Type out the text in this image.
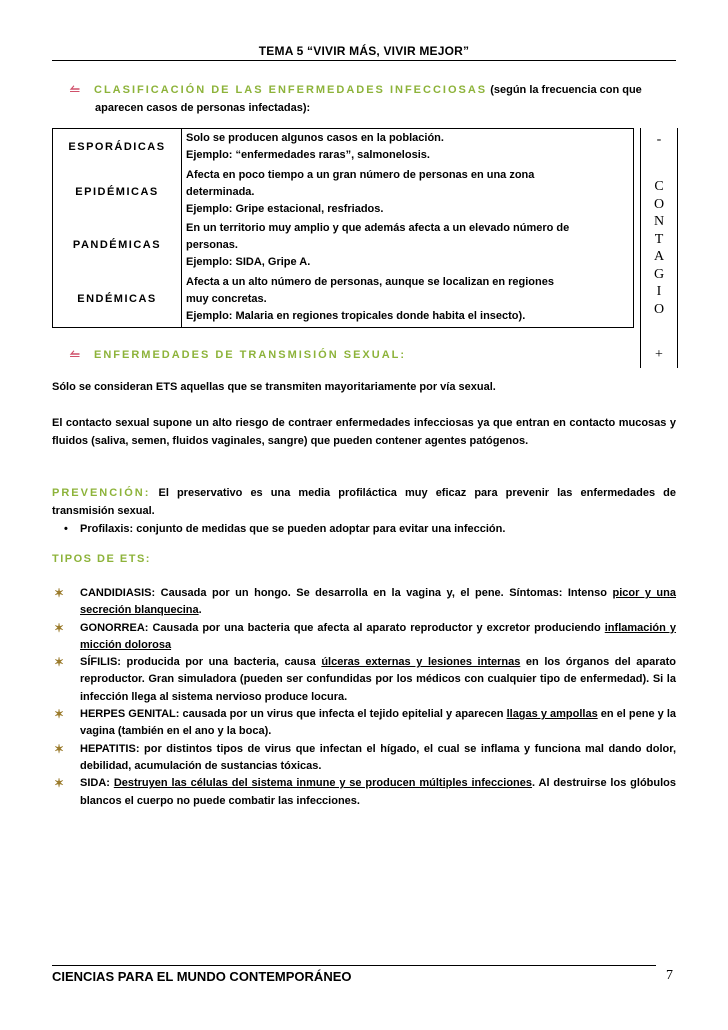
TEMA 5 “VIVIR MÁS, VIVIR MEJOR”
⥪ CLASIFICACIÓN DE LAS ENFERMEDADES INFECCIOSAS (según la frecuencia con que
aparecen casos de personas infectadas):
ESPORÁDICAS	Solo se producen algunos casos en la población.
Ejemplo: “enfermedades raras”, salmonelosis.

EPIDÉMICAS	Afecta en poco tiempo a un gran número de personas en una zona
determinada.
Ejemplo: Gripe estacional, resfriados.

PANDÉMICAS	En un territorio muy amplio y que además afecta a un elevado número de
personas.
Ejemplo: SIDA, Gripe A.

ENDÉMICAS	Afecta a un alto número de personas, aunque se localizan en regiones
muy concretas.
Ejemplo: Malaria en regiones tropicales donde habita el insecto).
-
C
O
N
T
A
G
I
O
+
⥪ ENFERMEDADES DE TRANSMISIÓN SEXUAL:
Sólo se consideran ETS aquellas que se transmiten mayoritariamente por vía sexual.
El contacto sexual supone un alto riesgo de contraer enfermedades infecciosas ya que entran en contacto mucosas y fluidos (saliva, semen, fluidos vaginales, sangre) que pueden contener agentes patógenos.
PREVENCIÓN: El preservativo es una media profiláctica muy eficaz para prevenir las enfermedades de transmisión sexual.
• Profilaxis: conjunto de medidas que se pueden adoptar para evitar una infección.
TIPOS DE ETS:
✶ CANDIDIASIS: Causada por un hongo. Se desarrolla en la vagina y, el pene. Síntomas: Intenso picor y una secreción blanquecina.
✶ GONORREA: Causada por una bacteria que afecta al aparato reproductor y excretor produciendo inflamación y micción dolorosa
✶ SÍFILIS: producida por una bacteria, causa úlceras externas y lesiones internas en los órganos del aparato reproductor. Gran simuladora (pueden ser confundidas por los médicos con cualquier tipo de enfermedad). Si la infección llega al sistema nervioso produce locura.
✶ HERPES GENITAL: causada por un virus que infecta el tejido epitelial y aparecen llagas y ampollas en el pene y la vagina (también en el ano y la boca).
✶ HEPATITIS: por distintos tipos de virus que infectan el hígado, el cual se inflama y funciona mal dando dolor, debilidad, acumulación de sustancias tóxicas.
✶ SIDA: Destruyen las células del sistema inmune y se producen múltiples infecciones. Al destruirse los glóbulos blancos el cuerpo no puede combatir las infecciones.
CIENCIAS PARA EL MUNDO CONTEMPORÁNEO	7
